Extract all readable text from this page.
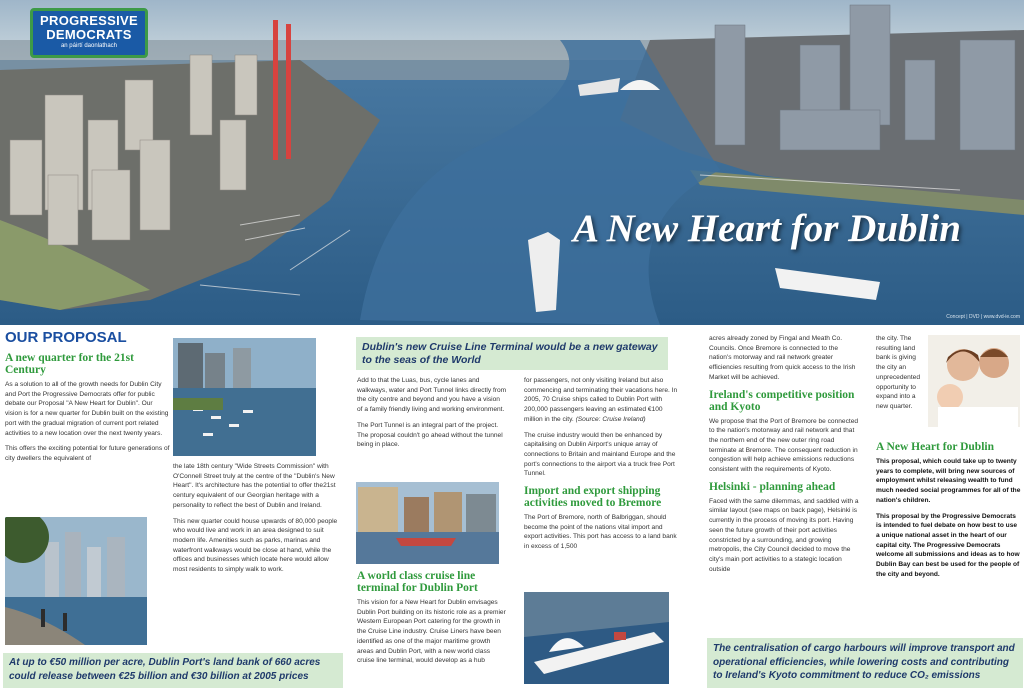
PROGRESSIVE
DEMOCRATS
an páirtí daonlathach
A New Heart for Dublin
Concept | DVD | www.dvd-ie.com
OUR PROPOSAL
A new quarter for the 21st Century

As a solution to all of the growth needs for Dublin City and Port the Progressive Democrats offer for public debate our Proposal "A New Heart for Dublin". Our vision is for a new quarter for Dublin built on the existing port with the gradual migration of current port related activities to a new location over the next twenty years.

This offers the exciting potential for future generations of city dwellers the equivalent of

the late 18th century "Wide Streets Commission" with O'Connell Street truly at the centre of the "Dublin's New Heart". It's architecture has the potential to offer the21st century equivalent of our Georgian heritage with a personality to reflect the best of Dublin and Ireland.

This new quarter could house upwards of 80,000 people who would live and work in an area designed to suit modern life. Amenities such as parks, marinas and waterfront walkways would be close at hand, while the offices and businesses which locate here would allow most residents to simply walk to work.

Dublin's new Cruise Line Terminal would be a new gateway to the seas of the World

Add to that the Luas, bus, cycle lanes and walkways, water and Port Tunnel links directly from the city centre and beyond and you have a vision of a family friendly living and working environment.

The Port Tunnel is an integral part of the project. The proposal couldn't go ahead without the tunnel being in place.

A world class cruise line terminal for Dublin Port

This vision for a New Heart for Dublin envisages Dublin Port building on its historic role as a premier Western European Port catering for the growth in the Cruise Line industry. Cruise Liners have been identified as one of the major maritime growth areas and Dublin Port, with a new world class cruise line terminal, would develop as a hub

for passengers, not only visiting Ireland but also commencing and terminating their vacations here. In 2005, 70 Cruise ships called to Dublin Port with 200,000 passengers leaving an estimated €100 million in the city. (Source: Cruise Ireland)

The cruise industry would then be enhanced by capitalising on Dublin Airport's unique array of connections to Britain and mainland Europe and the port's connections to the airport via a truck free Port Tunnel.

Import and export shipping activities moved to Bremore

The Port of Bremore, north of Balbriggan, should become the point of the nations vital import and export activities. This port has access to a land bank in excess of 1,500

acres already zoned by Fingal and Meath Co. Councils. Once Bremore is connected to the nation's motorway and rail network greater efficiencies resulting from quick access to the Irish Market will be achieved.

Ireland's competitive position and Kyoto

We propose that the Port of Bremore be connected to the nation's motorway and rail network and that the northern end of the new outer ring road terminate at Bremore. The consequent reduction in congestion will help achieve emissions reductions consistent with the requirements of Kyoto.

Helsinki - planning ahead

Faced with the same dilemmas, and saddled with a similar layout (see maps on back page), Helsinki is currently in the process of moving its port. Having seen the future growth of their port activities constricted by a surrounding, and growing metropolis, the City Council decided to move the city's main port activities to a stategic location outside

the city. The resulting land bank is giving the city an unprecedented opportunity to expand into a new quarter.

A New Heart for Dublin

This proposal, which could take up to twenty years to complete, will bring new sources of employment whilst releasing wealth to fund much needed social programmes for all of the nation's children.

This proposal by the Progressive Democrats is intended to fuel debate on how best to use a unique national asset in the heart of our capital city. The Progressive Democrats welcome all submissions and ideas as to how Dublin Bay can best be used for the people of the city and beyond.

At up to €50 million per acre, Dublin Port's land bank of 660 acres could release between €25 billion and €30 billion at 2005 prices
The centralisation of cargo harbours will improve transport and operational efficiencies, while lowering costs and contributing to Ireland's Kyoto commitment to reduce CO₂ emissions
